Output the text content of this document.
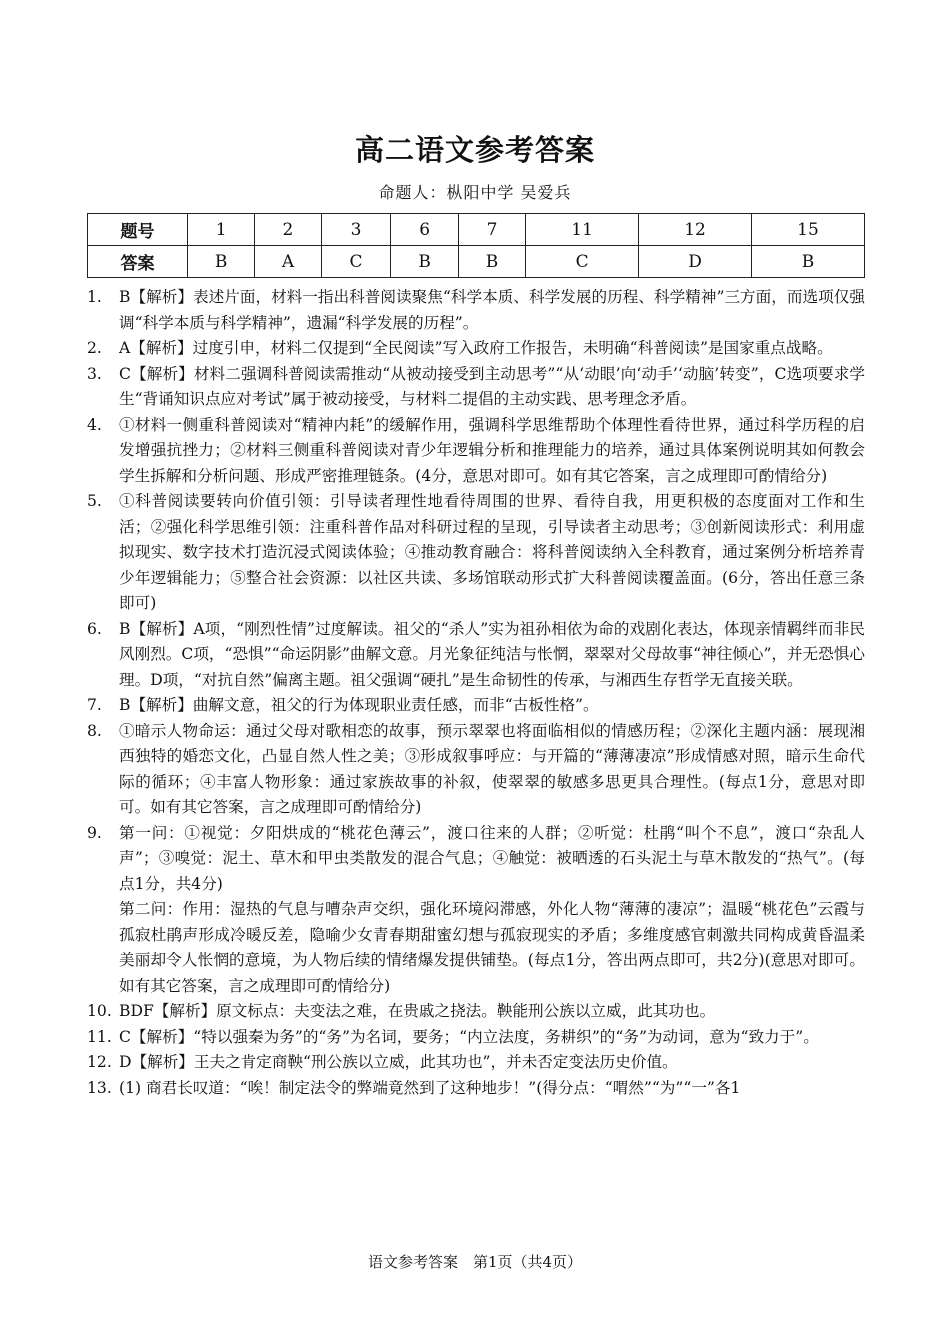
高二语文参考答案
命题人：枞阳中学 吴爱兵
题号	1	2	3	6	7	11	12	15
答案	B	A	C	B	B	C	D	B
1.	B【解析】表述片面，材料一指出科普阅读聚焦“科学本质、科学发展的历程、科学精神”三方面，而选项仅强调“科学本质与科学精神”，遗漏“科学发展的历程”。

2.	A【解析】过度引申，材料二仅提到“全民阅读”写入政府工作报告，未明确“科普阅读”是国家重点战略。

3.	C【解析】材料二强调科普阅读需推动“从被动接受到主动思考”“从‘动眼’向‘动手’‘动脑’转变”，C选项要求学生“背诵知识点应对考试”属于被动接受，与材料二提倡的主动实践、思考理念矛盾。

4.	①材料一侧重科普阅读对“精神内耗”的缓解作用，强调科学思维帮助个体理性看待世界，通过科学历程的启发增强抗挫力；②材料三侧重科普阅读对青少年逻辑分析和推理能力的培养，通过具体案例说明其如何教会学生拆解和分析问题、形成严密推理链条。(4分，意思对即可。如有其它答案，言之成理即可酌情给分)

5.	①科普阅读要转向价值引领：引导读者理性地看待周围的世界、看待自我，用更积极的态度面对工作和生活；②强化科学思维引领：注重科普作品对科研过程的呈现，引导读者主动思考；③创新阅读形式：利用虚拟现实、数字技术打造沉浸式阅读体验；④推动教育融合：将科普阅读纳入全科教育，通过案例分析培养青少年逻辑能力；⑤整合社会资源：以社区共读、多场馆联动形式扩大科普阅读覆盖面。(6分，答出任意三条即可)

6.	B【解析】A项，“刚烈性情”过度解读。祖父的“杀人”实为祖孙相依为命的戏剧化表达，体现亲情羁绊而非民风刚烈。C项，“恐惧”“命运阴影”曲解文意。月光象征纯洁与怅惘，翠翠对父母故事“神往倾心”，并无恐惧心理。D项，“对抗自然”偏离主题。祖父强调“硬扎”是生命韧性的传承，与湘西生存哲学无直接关联。

7.	B【解析】曲解文意，祖父的行为体现职业责任感，而非“古板性格”。

8.	①暗示人物命运：通过父母对歌相恋的故事，预示翠翠也将面临相似的情感历程；②深化主题内涵：展现湘西独特的婚恋文化，凸显自然人性之美；③形成叙事呼应：与开篇的“薄薄凄凉”形成情感对照，暗示生命代际的循环；④丰富人物形象：通过家族故事的补叙，使翠翠的敏感多思更具合理性。(每点1分，意思对即可。如有其它答案，言之成理即可酌情给分)

9.	第一问：①视觉：夕阳烘成的“桃花色薄云”，渡口往来的人群；②听觉：杜鹃“叫个不息”，渡口“杂乱人声”；③嗅觉：泥土、草木和甲虫类散发的混合气息；④触觉：被晒透的石头泥土与草木散发的“热气”。(每点1分，共4分)

第二问：作用：湿热的气息与嘈杂声交织，强化环境闷滞感，外化人物“薄薄的凄凉”；温暖“桃花色”云霞与孤寂杜鹃声形成冷暖反差，隐喻少女青春期甜蜜幻想与孤寂现实的矛盾；多维度感官刺激共同构成黄昏温柔美丽却令人怅惘的意境，为人物后续的情绪爆发提供铺垫。(每点1分，答出两点即可，共2分)(意思对即可。如有其它答案，言之成理即可酌情给分)

10. BDF【解析】原文标点：夫变法之难，在贵戚之挠法。鞅能刑公族以立威，此其功也。

11. C【解析】“特以强秦为务”的“务”为名词，要务；“内立法度，务耕织”的“务”为动词，意为“致力于”。

12. D【解析】王夫之肯定商鞅“刑公族以立威，此其功也”，并未否定变法历史价值。

13. (1) 商君长叹道：“唉！制定法令的弊端竟然到了这种地步！”(得分点：“喟然”“为”“一”各1

语文参考答案　第1页（共4页）
